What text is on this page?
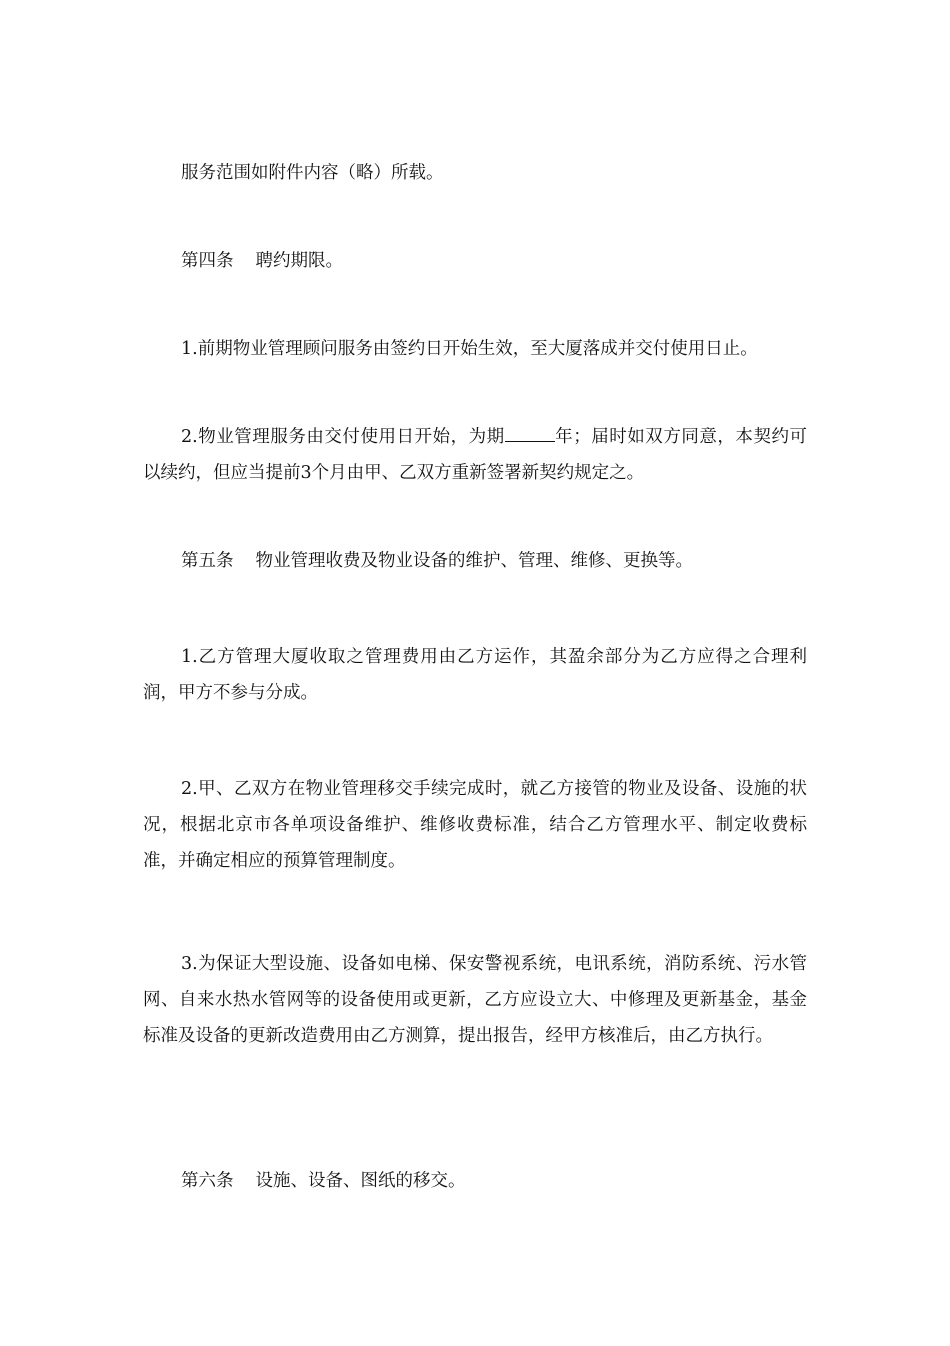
服务范围如附件内容（略）所载。

第四条 聘约期限。

1.前期物业管理顾问服务由签约日开始生效，至大厦落成并交付使用日止。

2.物业管理服务由交付使用日开始，为期	年；届时如双方同意，本契约可以续约，但应当提前3个月由甲、乙双方重新签署新契约规定之。

第五条 物业管理收费及物业设备的维护、管理、维修、更换等。

1.乙方管理大厦收取之管理费用由乙方运作，其盈余部分为乙方应得之合理利润，甲方不参与分成。

2.甲、乙双方在物业管理移交手续完成时，就乙方接管的物业及设备、设施的状况，根据北京市各单项设备维护、维修收费标准，结合乙方管理水平、制定收费标准，并确定相应的预算管理制度。

3.为保证大型设施、设备如电梯、保安警视系统，电讯系统，消防系统、污水管网、自来水热水管网等的设备使用或更新，乙方应设立大、中修理及更新基金，基金标准及设备的更新改造费用由乙方测算，提出报告，经甲方核准后，由乙方执行。

第六条 设施、设备、图纸的移交。
